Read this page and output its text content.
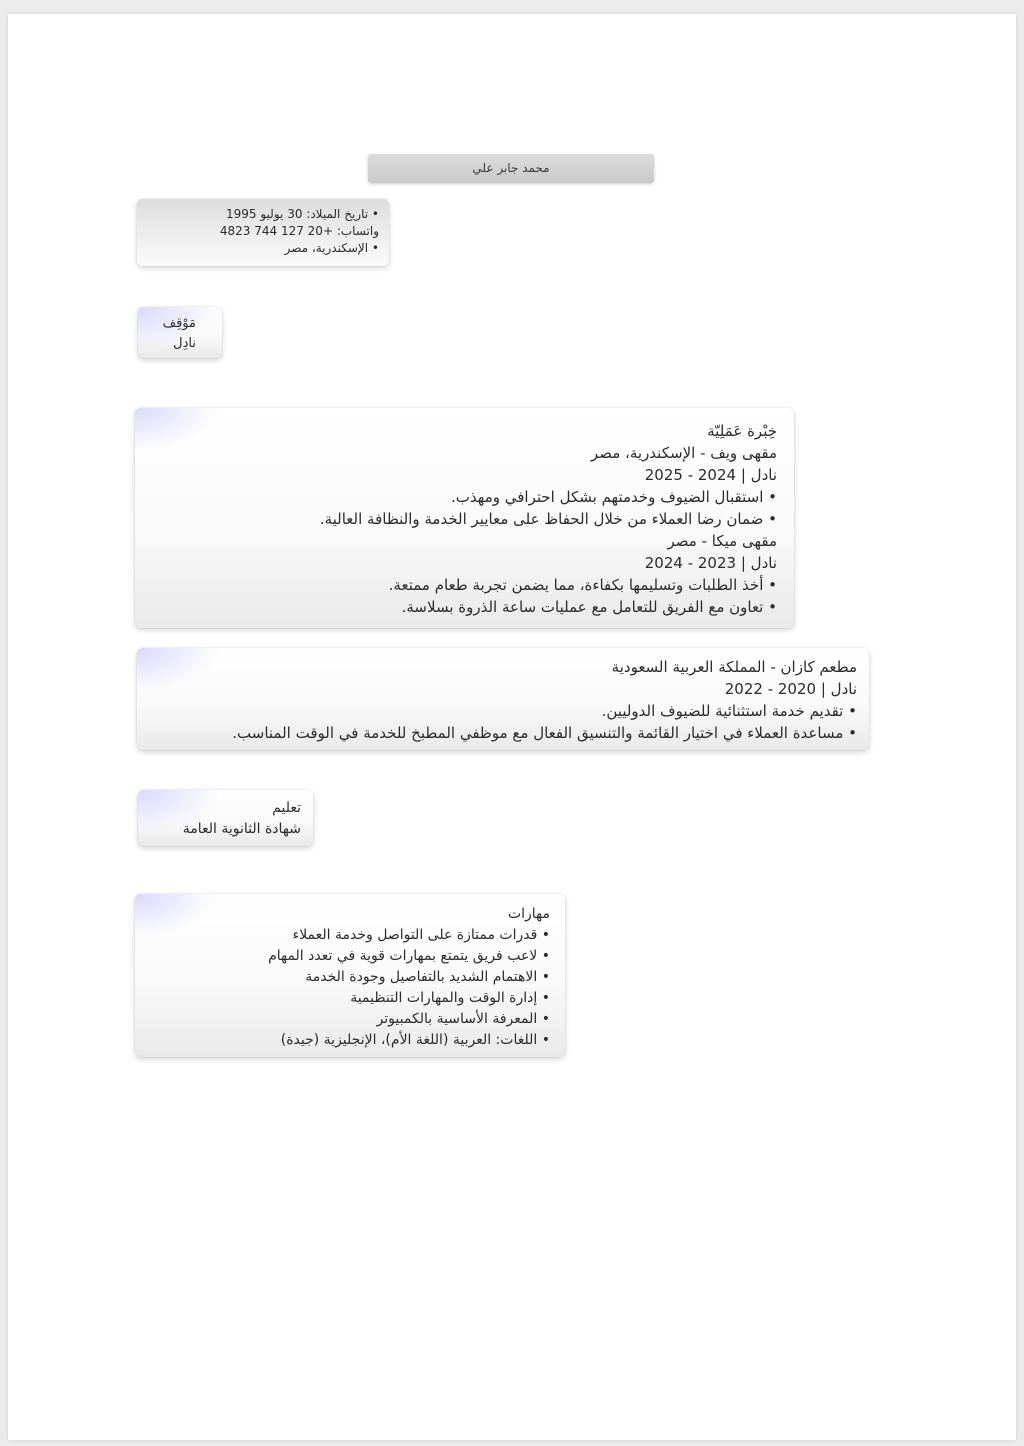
محمد جابر علي
• تاريخ الميلاد: 30 يوليو 1995
واتساب: +20 127 744 4823
• الإسكندرية، مصر
مَوْقِف
نادِل
خِبْرة عَمَلِيّة
مقهى ويف - الإسكندرية، مصر
نادل | 2024 - 2025
• استقبال الضيوف وخدمتهم بشكل احترافي ومهذب.
• ضمان رضا العملاء من خلال الحفاظ على معايير الخدمة والنظافة العالية.
مقهى ميكا - مصر
نادل | 2023 - 2024
• أخذ الطلبات وتسليمها بكفاءة، مما يضمن تجربة طعام ممتعة.
• تعاون مع الفريق للتعامل مع عمليات ساعة الذروة بسلاسة.
مطعم كازان - المملكة العربية السعودية
نادل | 2020 - 2022
• تقديم خدمة استثنائية للضيوف الدوليين.
• مساعدة العملاء في اختيار القائمة والتنسيق الفعال مع موظفي المطبخ للخدمة في الوقت المناسب.
تعليم
شهادة الثانوية العامة
مهارات
• قدرات ممتازة على التواصل وخدمة العملاء
• لاعب فريق يتمتع بمهارات قوية في تعدد المهام
• الاهتمام الشديد بالتفاصيل وجودة الخدمة
• إدارة الوقت والمهارات التنظيمية
• المعرفة الأساسية بالكمبيوتر
• اللغات: العربية (اللغة الأم)، الإنجليزية (جيدة)
